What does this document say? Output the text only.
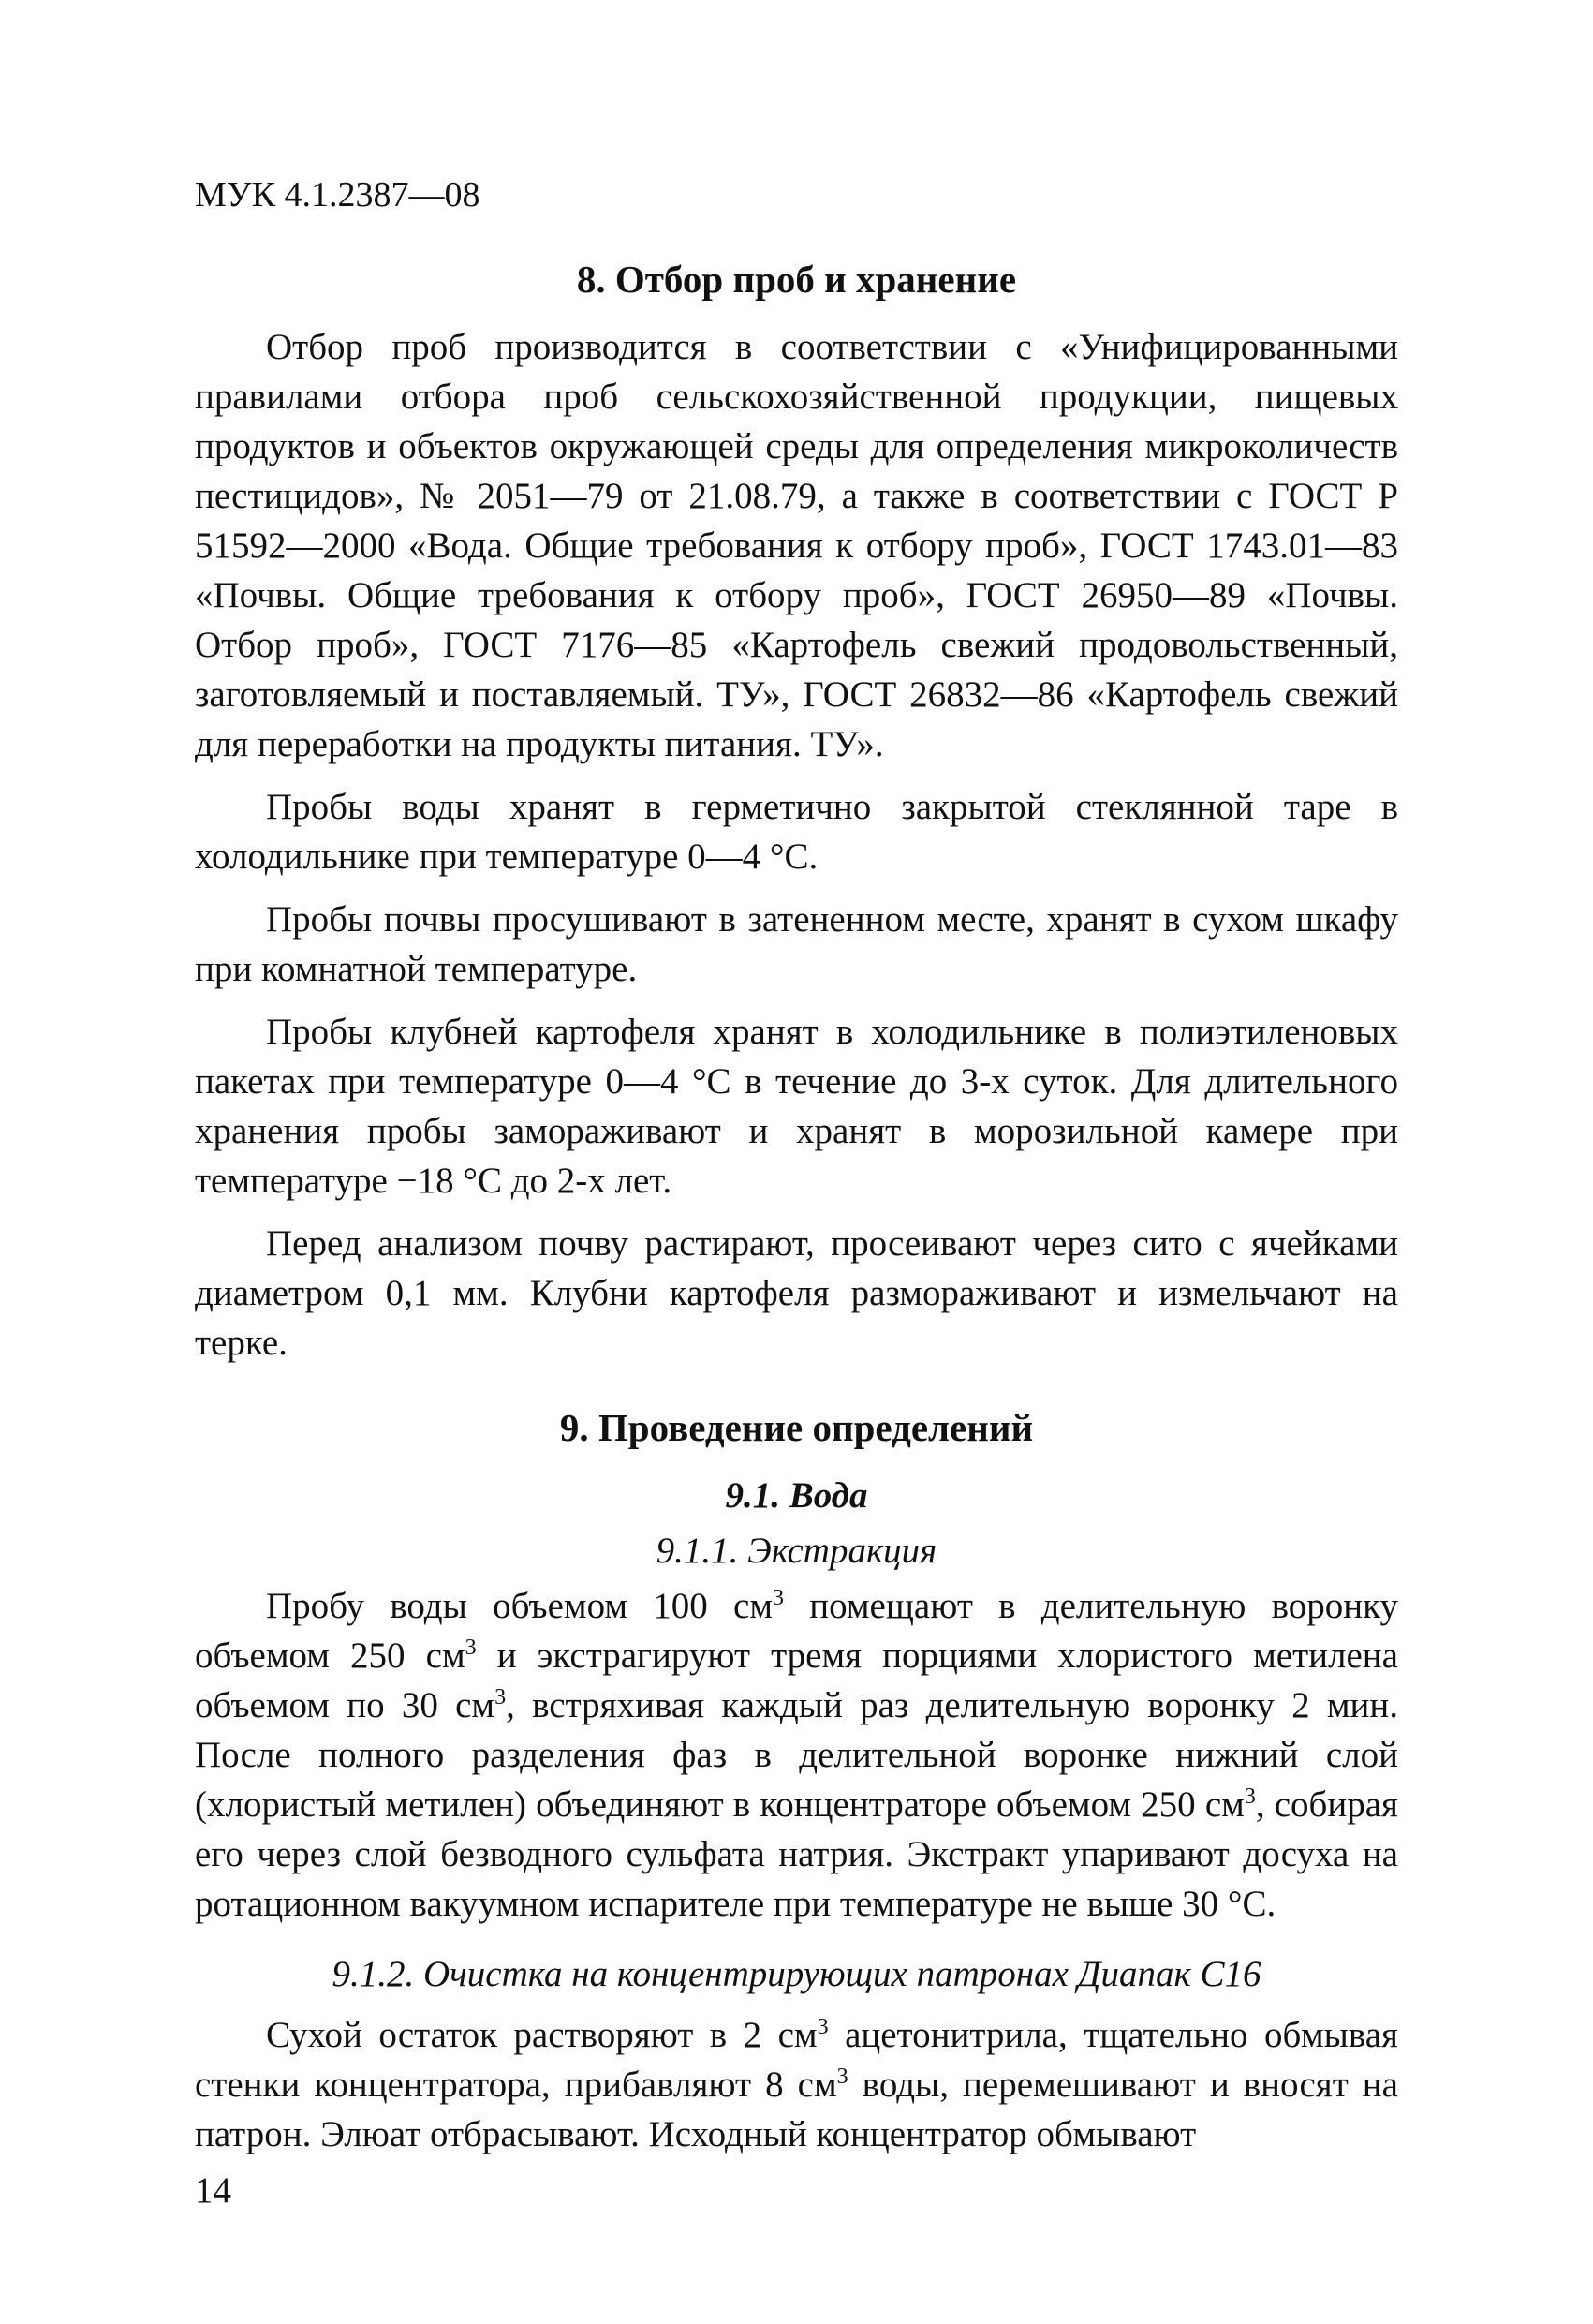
МУК 4.1.2387—08
8. Отбор проб и хранение

Отбор проб производится в соответствии с «Унифицированными правилами отбора проб сельскохозяйственной продукции, пищевых продуктов и объектов окружающей среды для определения микроколичеств пестицидов», № 2051—79 от 21.08.79, а также в соответствии с ГОСТ Р 51592—2000 «Вода. Общие требования к отбору проб», ГОСТ 1743.01—83 «Почвы. Общие требования к отбору проб», ГОСТ 26950—89 «Почвы. Отбор проб», ГОСТ 7176—85 «Картофель свежий продовольственный, заготовляемый и поставляемый. ТУ», ГОСТ 26832—86 «Картофель свежий для переработки на продукты питания. ТУ».

Пробы воды хранят в герметично закрытой стеклянной таре в холодильнике при температуре 0—4 °С.

Пробы почвы просушивают в затененном месте, хранят в сухом шкафу при комнатной температуре.

Пробы клубней картофеля хранят в холодильнике в полиэтиленовых пакетах при температуре 0—4 °С в течение до 3-х суток. Для длительного хранения пробы замораживают и хранят в морозильной камере при температуре −18 °С до 2-х лет.

Перед анализом почву растирают, просеивают через сито с ячейками диаметром 0,1 мм. Клубни картофеля размораживают и измельчают на терке.

9. Проведение определений
9.1. Вода
9.1.1. Экстракция

Пробу воды объемом 100 $см^3$ помещают в делительную воронку объемом 250 $см^3$ и экстрагируют тремя порциями хлористого метилена объемом по 30 $см^3$, встряхивая каждый раз делительную воронку 2 мин. После полного разделения фаз в делительной воронке нижний слой (хлористый метилен) объединяют в концентраторе объемом 250 $см^3$, собирая его через слой безводного сульфата натрия. Экстракт упаривают досуха на ротационном вакуумном испарителе при температуре не выше 30 °С.

9.1.2. Очистка на концентрирующих патронах Диапак С16

Сухой остаток растворяют в 2 $см^3$ ацетонитрила, тщательно обмывая стенки концентратора, прибавляют 8 $см^3$ воды, перемешивают и вносят на патрон. Элюат отбрасывают. Исходный концентратор обмывают

14
